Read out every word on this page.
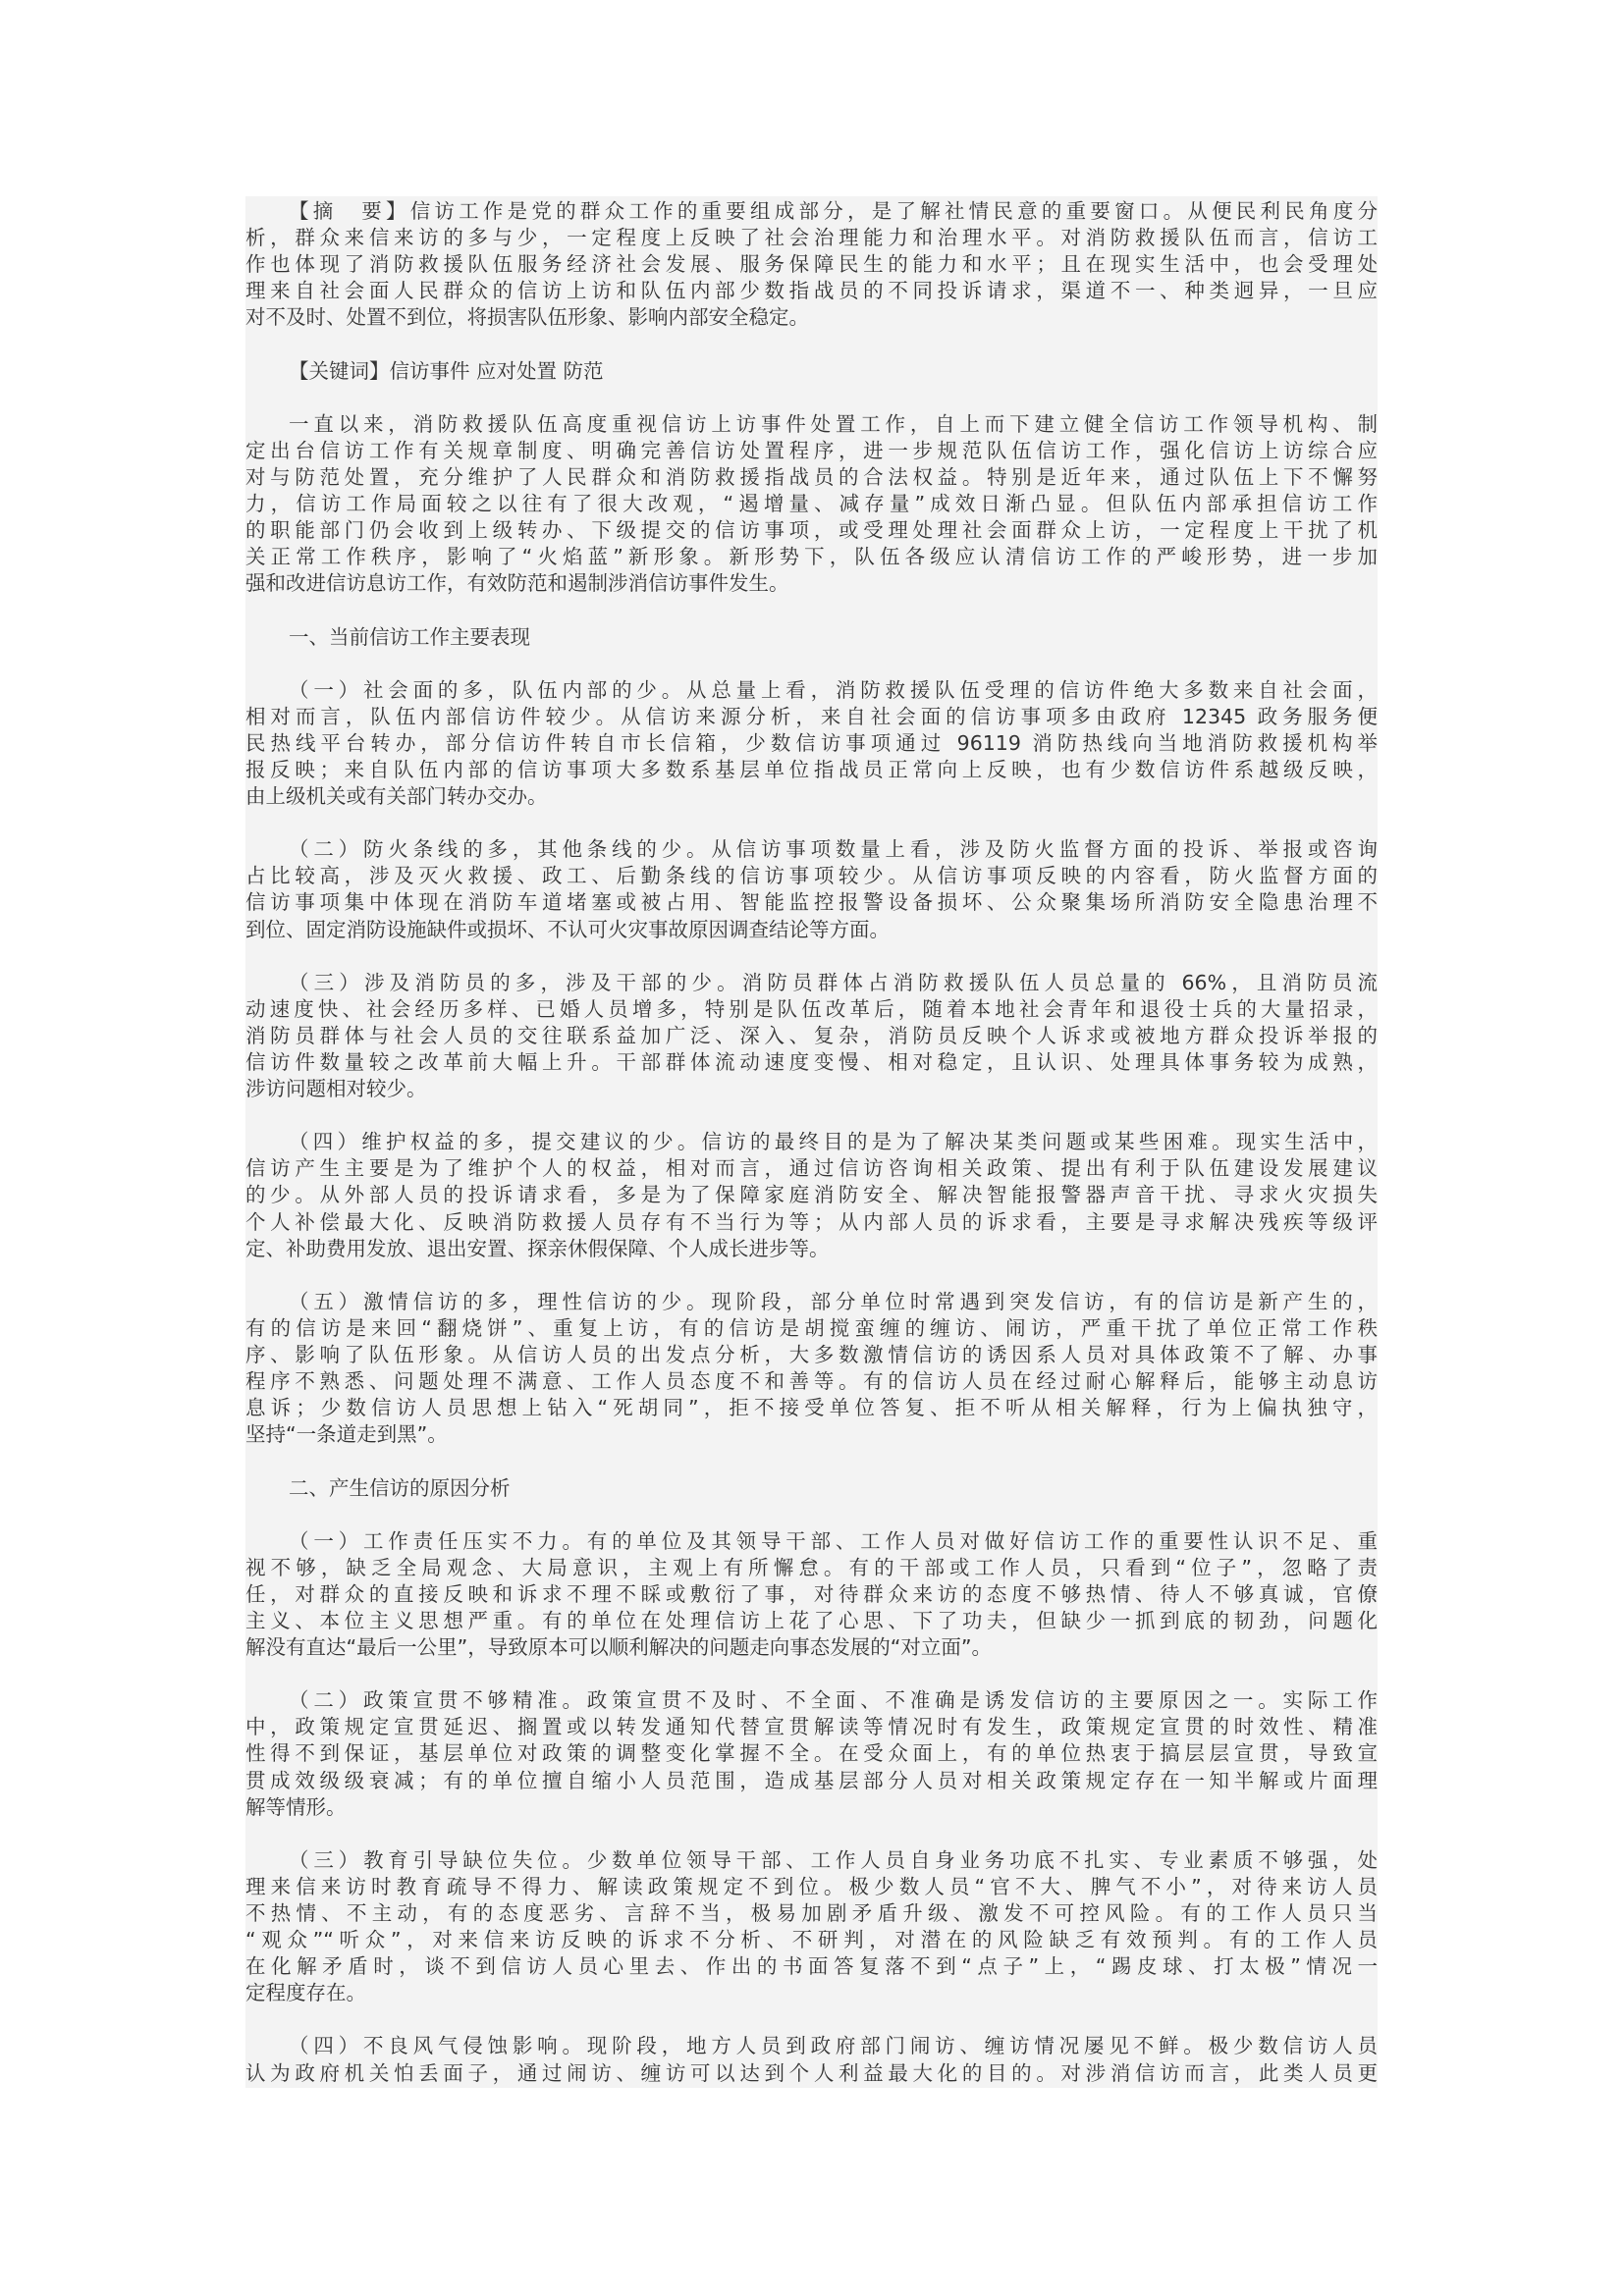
【摘　要】信访工作是党的群众工作的重要组成部分，是了解社情民意的重要窗口。从便民利民角度分
析，群众来信来访的多与少，一定程度上反映了社会治理能力和治理水平。对消防救援队伍而言，信访工
作也体现了消防救援队伍服务经济社会发展、服务保障民生的能力和水平；且在现实生活中，也会受理处
理来自社会面人民群众的信访上访和队伍内部少数指战员的不同投诉请求，渠道不一、种类迥异，一旦应
对不及时、处置不到位，将损害队伍形象、影响内部安全稳定。
【关键词】信访事件 应对处置 防范
一直以来，消防救援队伍高度重视信访上访事件处置工作，自上而下建立健全信访工作领导机构、制
定出台信访工作有关规章制度、明确完善信访处置程序，进一步规范队伍信访工作，强化信访上访综合应
对与防范处置，充分维护了人民群众和消防救援指战员的合法权益。特别是近年来，通过队伍上下不懈努
力，信访工作局面较之以往有了很大改观，“遏增量、减存量”成效日渐凸显。但队伍内部承担信访工作
的职能部门仍会收到上级转办、下级提交的信访事项，或受理处理社会面群众上访，一定程度上干扰了机
关正常工作秩序，影响了“火焰蓝”新形象。新形势下，队伍各级应认清信访工作的严峻形势，进一步加
强和改进信访息访工作，有效防范和遏制涉消信访事件发生。
一、当前信访工作主要表现
（一）社会面的多，队伍内部的少。从总量上看，消防救援队伍受理的信访件绝大多数来自社会面，
相对而言，队伍内部信访件较少。从信访来源分析，来自社会面的信访事项多由政府 12345 政务服务便
民热线平台转办，部分信访件转自市长信箱，少数信访事项通过 96119 消防热线向当地消防救援机构举
报反映；来自队伍内部的信访事项大多数系基层单位指战员正常向上反映，也有少数信访件系越级反映，
由上级机关或有关部门转办交办。
（二）防火条线的多，其他条线的少。从信访事项数量上看，涉及防火监督方面的投诉、举报或咨询
占比较高，涉及灭火救援、政工、后勤条线的信访事项较少。从信访事项反映的内容看，防火监督方面的
信访事项集中体现在消防车道堵塞或被占用、智能监控报警设备损坏、公众聚集场所消防安全隐患治理不
到位、固定消防设施缺件或损坏、不认可火灾事故原因调查结论等方面。
（三）涉及消防员的多，涉及干部的少。消防员群体占消防救援队伍人员总量的 66%，且消防员流
动速度快、社会经历多样、已婚人员增多，特别是队伍改革后，随着本地社会青年和退役士兵的大量招录，
消防员群体与社会人员的交往联系益加广泛、深入、复杂，消防员反映个人诉求或被地方群众投诉举报的
信访件数量较之改革前大幅上升。干部群体流动速度变慢、相对稳定，且认识、处理具体事务较为成熟，
涉访问题相对较少。
（四）维护权益的多，提交建议的少。信访的最终目的是为了解决某类问题或某些困难。现实生活中，
信访产生主要是为了维护个人的权益，相对而言，通过信访咨询相关政策、提出有利于队伍建设发展建议
的少。从外部人员的投诉请求看，多是为了保障家庭消防安全、解决智能报警器声音干扰、寻求火灾损失
个人补偿最大化、反映消防救援人员存有不当行为等；从内部人员的诉求看，主要是寻求解决残疾等级评
定、补助费用发放、退出安置、探亲休假保障、个人成长进步等。
（五）激情信访的多，理性信访的少。现阶段，部分单位时常遇到突发信访，有的信访是新产生的，
有的信访是来回“翻烧饼”、重复上访，有的信访是胡搅蛮缠的缠访、闹访，严重干扰了单位正常工作秩
序、影响了队伍形象。从信访人员的出发点分析，大多数激情信访的诱因系人员对具体政策不了解、办事
程序不熟悉、问题处理不满意、工作人员态度不和善等。有的信访人员在经过耐心解释后，能够主动息访
息诉；少数信访人员思想上钻入“死胡同”，拒不接受单位答复、拒不听从相关解释，行为上偏执独守，
坚持“一条道走到黑”。
二、产生信访的原因分析
（一）工作责任压实不力。有的单位及其领导干部、工作人员对做好信访工作的重要性认识不足、重
视不够，缺乏全局观念、大局意识，主观上有所懈怠。有的干部或工作人员，只看到“位子”，忽略了责
任，对群众的直接反映和诉求不理不睬或敷衍了事，对待群众来访的态度不够热情、待人不够真诚，官僚
主义、本位主义思想严重。有的单位在处理信访上花了心思、下了功夫，但缺少一抓到底的韧劲，问题化
解没有直达“最后一公里”，导致原本可以顺利解决的问题走向事态发展的“对立面”。
（二）政策宣贯不够精准。政策宣贯不及时、不全面、不准确是诱发信访的主要原因之一。实际工作
中，政策规定宣贯延迟、搁置或以转发通知代替宣贯解读等情况时有发生，政策规定宣贯的时效性、精准
性得不到保证，基层单位对政策的调整变化掌握不全。在受众面上，有的单位热衷于搞层层宣贯，导致宣
贯成效级级衰减；有的单位擅自缩小人员范围，造成基层部分人员对相关政策规定存在一知半解或片面理
解等情形。
（三）教育引导缺位失位。少数单位领导干部、工作人员自身业务功底不扎实、专业素质不够强，处
理来信来访时教育疏导不得力、解读政策规定不到位。极少数人员“官不大、脾气不小”，对待来访人员
不热情、不主动，有的态度恶劣、言辞不当，极易加剧矛盾升级、激发不可控风险。有的工作人员只当
“观众”“听众”，对来信来访反映的诉求不分析、不研判，对潜在的风险缺乏有效预判。有的工作人员
在化解矛盾时，谈不到信访人员心里去、作出的书面答复落不到“点子”上，“踢皮球、打太极”情况一
定程度存在。
（四）不良风气侵蚀影响。现阶段，地方人员到政府部门闹访、缠访情况屡见不鲜。极少数信访人员
认为政府机关怕丢面子，通过闹访、缠访可以达到个人利益最大化的目的。对涉消信访而言，此类人员更
